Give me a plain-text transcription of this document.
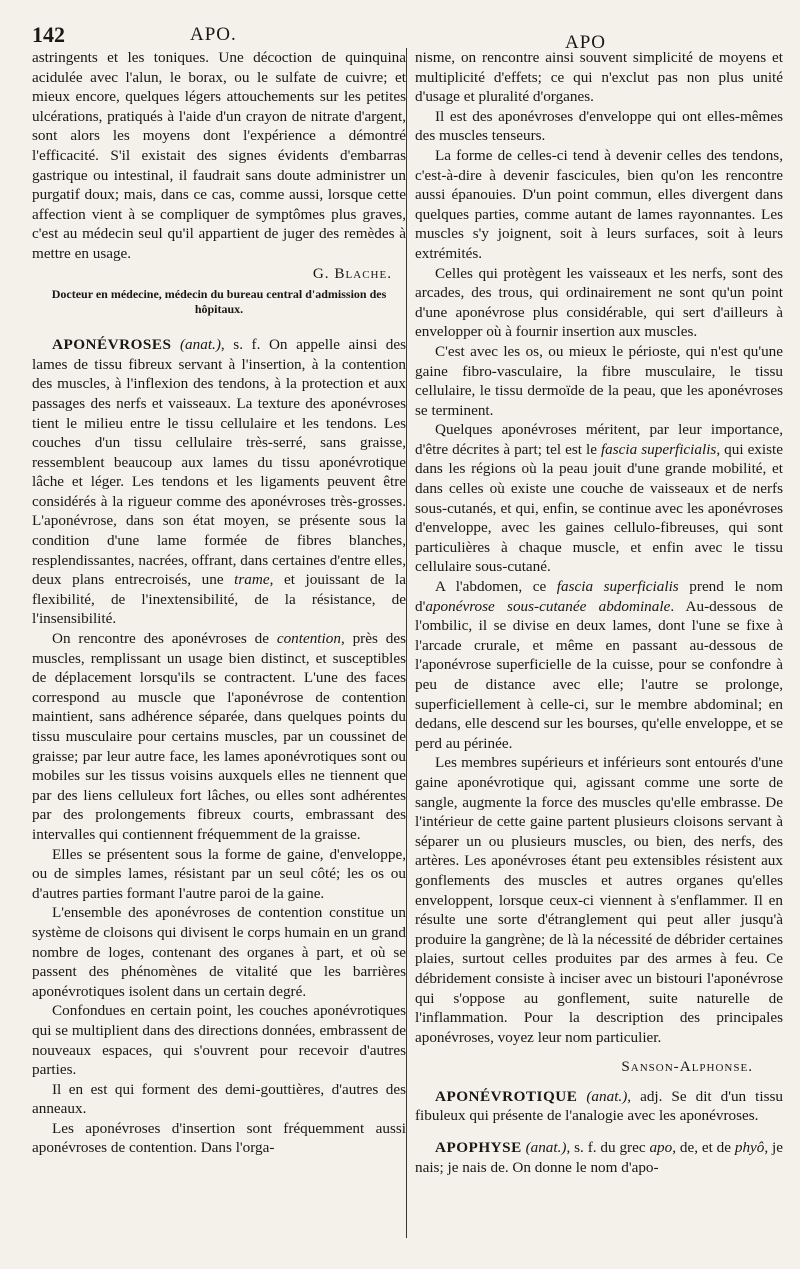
142	APO.	APO

astringents et les toniques. Une décoction de quinquina acidulée avec l'alun, le borax, ou le sulfate de cuivre; et mieux encore, quelques légers attouchements sur les petites ulcérations, pratiqués à l'aide d'un crayon de nitrate d'argent, sont alors les moyens dont l'expérience a démontré l'efficacité. S'il existait des signes évidents d'embarras gastrique ou intestinal, il faudrait sans doute administrer un purgatif doux; mais, dans ce cas, comme aussi, lorsque cette affection vient à se compliquer de symptômes plus graves, c'est au médecin seul qu'il appartient de juger des remèdes à mettre en usage.

G. Blache.

Docteur en médecine, médecin du bureau central d'admission des hôpitaux.

APONÉVROSES (anat.), s. f. On appelle ainsi des lames de tissu fibreux servant à l'insertion, à la contention des muscles, à l'inflexion des tendons, à la protection et aux passages des nerfs et vaisseaux. La texture des aponévroses tient le milieu entre le tissu cellulaire et les tendons. Les couches d'un tissu cellulaire très-serré, sans graisse, ressemblent beaucoup aux lames du tissu aponévrotique lâche et léger. Les tendons et les ligaments peuvent être considérés à la rigueur comme des aponévroses très-grosses. L'aponévrose, dans son état moyen, se présente sous la condition d'une lame formée de fibres blanches, resplendissantes, nacrées, offrant, dans certaines d'entre elles, deux plans entrecroisés, une trame, et jouissant de la flexibilité, de l'inextensibilité, de la résistance, de l'insensibilité.

On rencontre des aponévroses de contention, près des muscles, remplissant un usage bien distinct, et susceptibles de déplacement lorsqu'ils se contractent. L'une des faces correspond au muscle que l'aponévrose de contention maintient, sans adhérence séparée, dans quelques points du tissu musculaire pour certains muscles, par un coussinet de graisse; par leur autre face, les lames aponévrotiques sont ou mobiles sur les tissus voisins auxquels elles ne tiennent que par des liens celluleux fort lâches, ou elles sont adhérentes par des prolongements fibreux courts, embrassant des intervalles qui contiennent fréquemment de la graisse.

Elles se présentent sous la forme de gaine, d'enveloppe, ou de simples lames, résistant par un seul côté; les os ou d'autres parties formant l'autre paroi de la gaine.

L'ensemble des aponévroses de contention constitue un système de cloisons qui divisent le corps humain en un grand nombre de loges, contenant des organes à part, et où se passent des phénomènes de vitalité que les barrières aponévrotiques isolent dans un certain degré.

Confondues en certain point, les couches aponévrotiques qui se multiplient dans des directions données, embrassent de nouveaux espaces, qui s'ouvrent pour recevoir d'autres parties.

Il en est qui forment des demi-gouttières, d'autres des anneaux.

Les aponévroses d'insertion sont fréquemment aussi aponévroses de contention. Dans l'orga-

nisme, on rencontre ainsi souvent simplicité de moyens et multiplicité d'effets; ce qui n'exclut pas non plus unité d'usage et pluralité d'organes.

Il est des aponévroses d'enveloppe qui ont elles-mêmes des muscles tenseurs.

La forme de celles-ci tend à devenir celles des tendons, c'est-à-dire à devenir fascicules, bien qu'on les rencontre aussi épanouies. D'un point commun, elles divergent dans quelques parties, comme autant de lames rayonnantes. Les muscles s'y joignent, soit à leurs surfaces, soit à leurs extrémités.

Celles qui protègent les vaisseaux et les nerfs, sont des arcades, des trous, qui ordinairement ne sont qu'un point d'une aponévrose plus considérable, qui sert d'ailleurs à envelopper où à fournir insertion aux muscles.

C'est avec les os, ou mieux le périoste, qui n'est qu'une gaine fibro-vasculaire, la fibre musculaire, le tissu cellulaire, le tissu dermoïde de la peau, que les aponévroses se terminent.

Quelques aponévroses méritent, par leur importance, d'être décrites à part; tel est le fascia superficialis, qui existe dans les régions où la peau jouit d'une grande mobilité, et dans celles où existe une couche de vaisseaux et de nerfs sous-cutanés, et qui, enfin, se continue avec les aponévroses d'enveloppe, avec les gaines cellulo-fibreuses, qui sont particulières à chaque muscle, et enfin avec le tissu cellulaire sous-cutané.

A l'abdomen, ce fascia superficialis prend le nom d'aponévrose sous-cutanée abdominale. Au-dessous de l'ombilic, il se divise en deux lames, dont l'une se fixe à l'arcade crurale, et même en passant au-dessous de l'aponévrose superficielle de la cuisse, pour se confondre à peu de distance avec elle; l'autre se prolonge, superficiellement à celle-ci, sur le membre abdominal; en dedans, elle descend sur les bourses, qu'elle enveloppe, et se perd au périnée.

Les membres supérieurs et inférieurs sont entourés d'une gaine aponévrotique qui, agissant comme une sorte de sangle, augmente la force des muscles qu'elle embrasse. De l'intérieur de cette gaine partent plusieurs cloisons servant à séparer un ou plusieurs muscles, ou bien, des nerfs, des artères. Les aponévroses étant peu extensibles résistent aux gonflements des muscles et autres organes qu'elles enveloppent, lorsque ceux-ci viennent à s'enflammer. Il en résulte une sorte d'étranglement qui peut aller jusqu'à produire la gangrène; de là la nécessité de débrider certaines plaies, surtout celles produites par des armes à feu. Ce débridement consiste à inciser avec un bistouri l'aponévrose qui s'oppose au gonflement, suite naturelle de l'inflammation. Pour la description des principales aponévroses, voyez leur nom particulier.

Sanson-Alphonse.

APONÉVROTIQUE (anat.), adj. Se dit d'un tissu fibuleux qui présente de l'analogie avec les aponévroses.

APOPHYSE (anat.), s. f. du grec apo, de, et de phyô, je nais; je nais de. On donne le nom d'apo-
